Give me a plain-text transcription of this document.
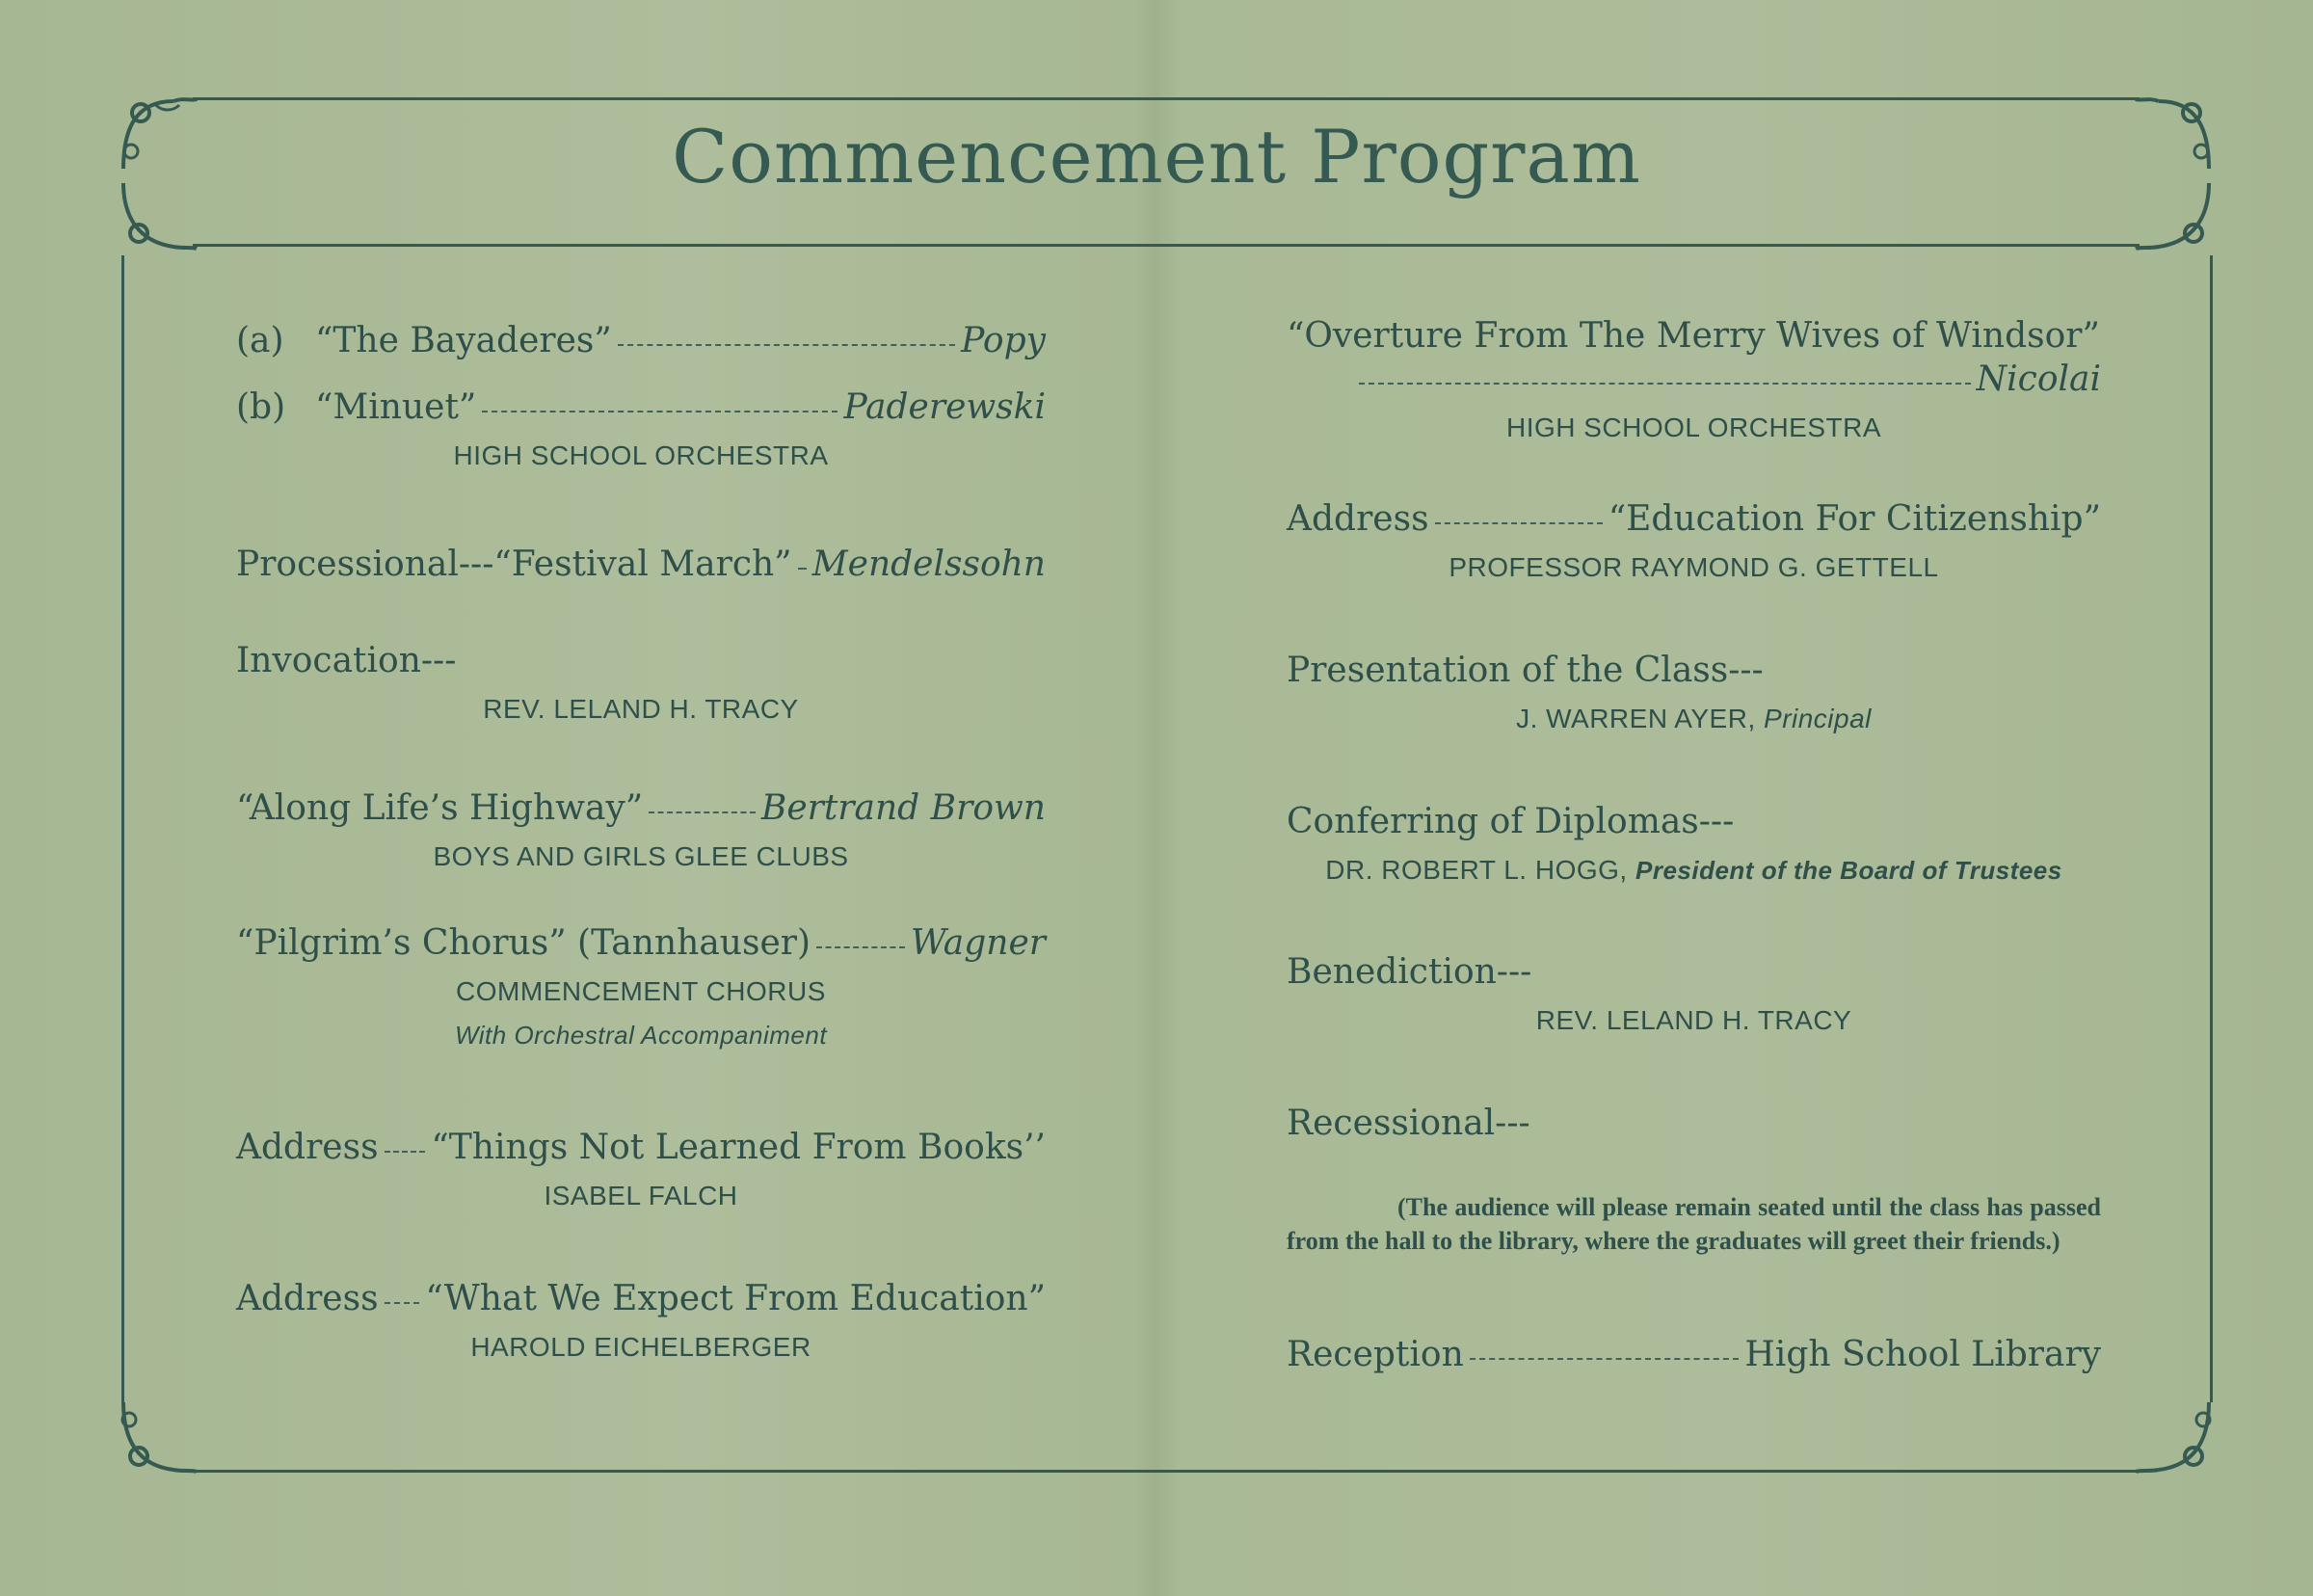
Commencement Program
(a) “The Bayaderes”	Popy
(b) “Minuet”	Paderewski
HIGH SCHOOL ORCHESTRA
Processional---“Festival March” Mendelssohn
Invocation---
REV. LELAND H. TRACY
“Along Life’s Highway”	Bertrand Brown
BOYS AND GIRLS GLEE CLUBS
“Pilgrim’s Chorus” (Tannhauser)	Wagner
COMMENCEMENT CHORUS
With Orchestral Accompaniment
Address “Things Not Learned From Books’’
ISABEL FALCH
Address “What We Expect From Education”
HAROLD EICHELBERGER
“Overture From The Merry Wives of Windsor”
Nicolai
HIGH SCHOOL ORCHESTRA
Address	“Education For Citizenship”
PROFESSOR RAYMOND G. GETTELL
Presentation of the Class---
J. WARREN AYER, Principal
Conferring of Diplomas---
DR. ROBERT L. HOGG, President of the Board of Trustees
Benediction---
REV. LELAND H. TRACY
Recessional---
(The audience will please remain seated until the class has passed from the hall to the library, where the graduates will greet their friends.)
Reception	High School Library
